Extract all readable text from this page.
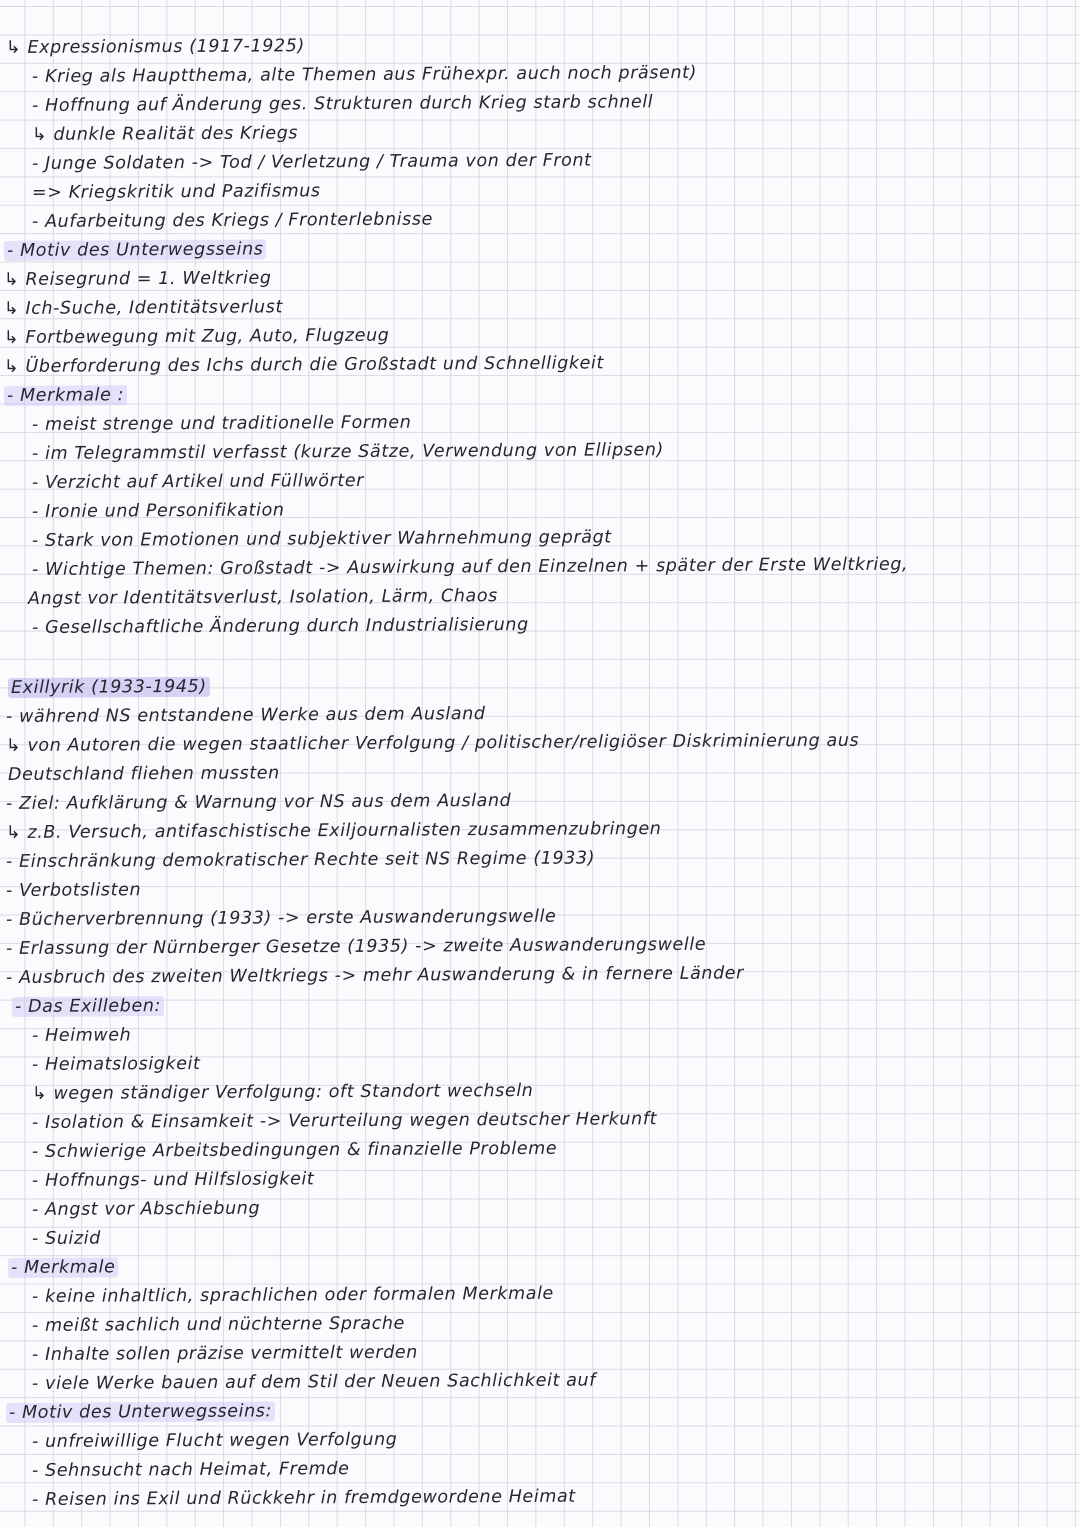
↳ Expressionismus (1917-1925)
- Krieg als Hauptthema, alte Themen aus Frühexpr. auch noch präsent)
- Hoffnung auf Änderung ges. Strukturen durch Krieg starb schnell
↳ dunkle Realität des Kriegs
- Junge Soldaten -> Tod / Verletzung / Trauma von der Front
=> Kriegskritik und Pazifismus
- Aufarbeitung des Kriegs / Fronterlebnisse
- Motiv des Unterwegsseins
↳ Reisegrund = 1. Weltkrieg
↳ Ich-Suche, Identitätsverlust
↳ Fortbewegung mit Zug, Auto, Flugzeug
↳ Überforderung des Ichs durch die Großstadt und Schnelligkeit
- Merkmale :
- meist strenge und traditionelle Formen
- im Telegrammstil verfasst (kurze Sätze, Verwendung von Ellipsen)
- Verzicht auf Artikel und Füllwörter
- Ironie und Personifikation
- Stark von Emotionen und subjektiver Wahrnehmung geprägt
- Wichtige Themen: Großstadt -> Auswirkung auf den Einzelnen + später der Erste Weltkrieg,
Angst vor Identitätsverlust, Isolation, Lärm, Chaos
- Gesellschaftliche Änderung durch Industrialisierung
Exillyrik (1933-1945)
- während NS entstandene Werke aus dem Ausland
↳ von Autoren die wegen staatlicher Verfolgung / politischer/religiöser Diskriminierung aus
Deutschland fliehen mussten
- Ziel: Aufklärung & Warnung vor NS aus dem Ausland
↳ z.B. Versuch, antifaschistische Exiljournalisten zusammenzubringen
- Einschränkung demokratischer Rechte seit NS Regime (1933)
- Verbotslisten
- Bücherverbrennung (1933) -> erste Auswanderungswelle
- Erlassung der Nürnberger Gesetze (1935) -> zweite Auswanderungswelle
- Ausbruch des zweiten Weltkriegs -> mehr Auswanderung & in fernere Länder
- Das Exilleben:
- Heimweh
- Heimatslosigkeit
↳ wegen ständiger Verfolgung: oft Standort wechseln
- Isolation & Einsamkeit -> Verurteilung wegen deutscher Herkunft
- Schwierige Arbeitsbedingungen & finanzielle Probleme
- Hoffnungs- und Hilfslosigkeit
- Angst vor Abschiebung
- Suizid
- Merkmale
- keine inhaltlich, sprachlichen oder formalen Merkmale
- meißt sachlich und nüchterne Sprache
- Inhalte sollen präzise vermittelt werden
- viele Werke bauen auf dem Stil der Neuen Sachlichkeit auf
- Motiv des Unterwegsseins:
- unfreiwillige Flucht wegen Verfolgung
- Sehnsucht nach Heimat, Fremde
- Reisen ins Exil und Rückkehr in fremdgewordene Heimat
